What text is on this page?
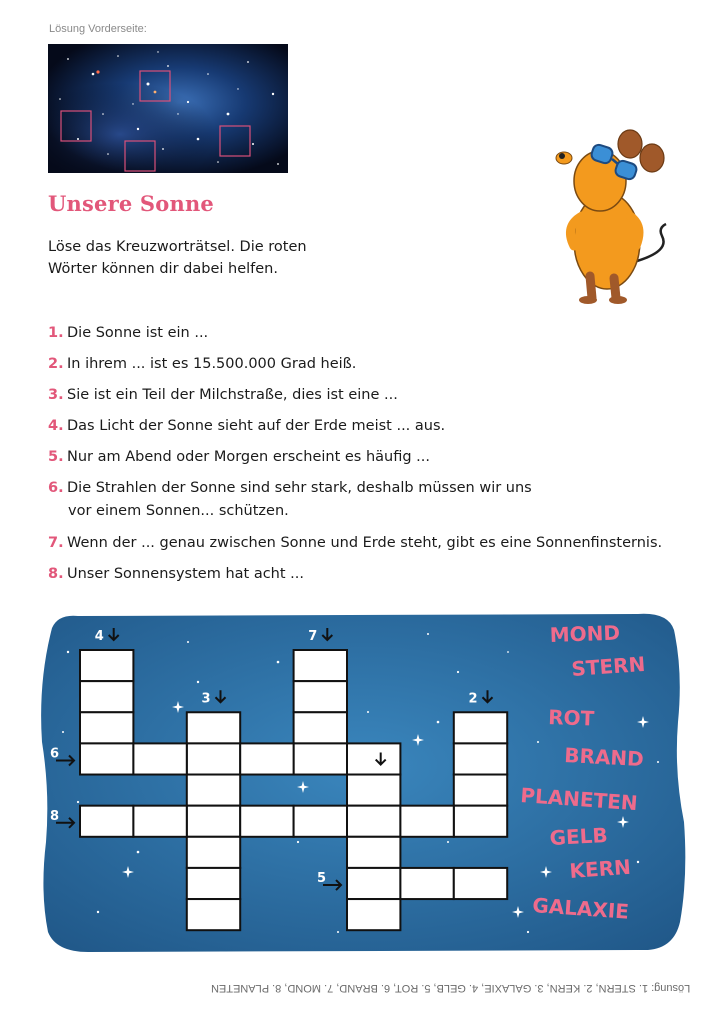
Lösung Vorderseite:
Unsere Sonne
Löse das Kreuzworträtsel. Die roten
Wörter können dir dabei helfen.
1. Die Sonne ist ein ...
2. In ihrem ... ist es 15.500.000 Grad heiß.
3. Sie ist ein Teil der Milchstraße, dies ist eine ...
4. Das Licht der Sonne sieht auf der Erde meist ... aus.
5. Nur am Abend oder Morgen erscheint es häufig ...
6. Die Strahlen der Sonne sind sehr stark, deshalb müssen wir uns
vor einem Sonnen... schützen.
7. Wenn der ... genau zwischen Sonne und Erde steht, gibt es eine Sonnenfinsternis.
8. Unser Sonnensystem hat acht ...
4	7
3	2
6	1
8
5
MOND
STERN
ROT
BRAND
PLANETEN
GELB
KERN
GALAXIE
Lösung: 1. STERN, 2. KERN, 3. GALAXIE, 4. GELB, 5. ROT, 6. BRAND, 7. MOND, 8. PLANETEN
